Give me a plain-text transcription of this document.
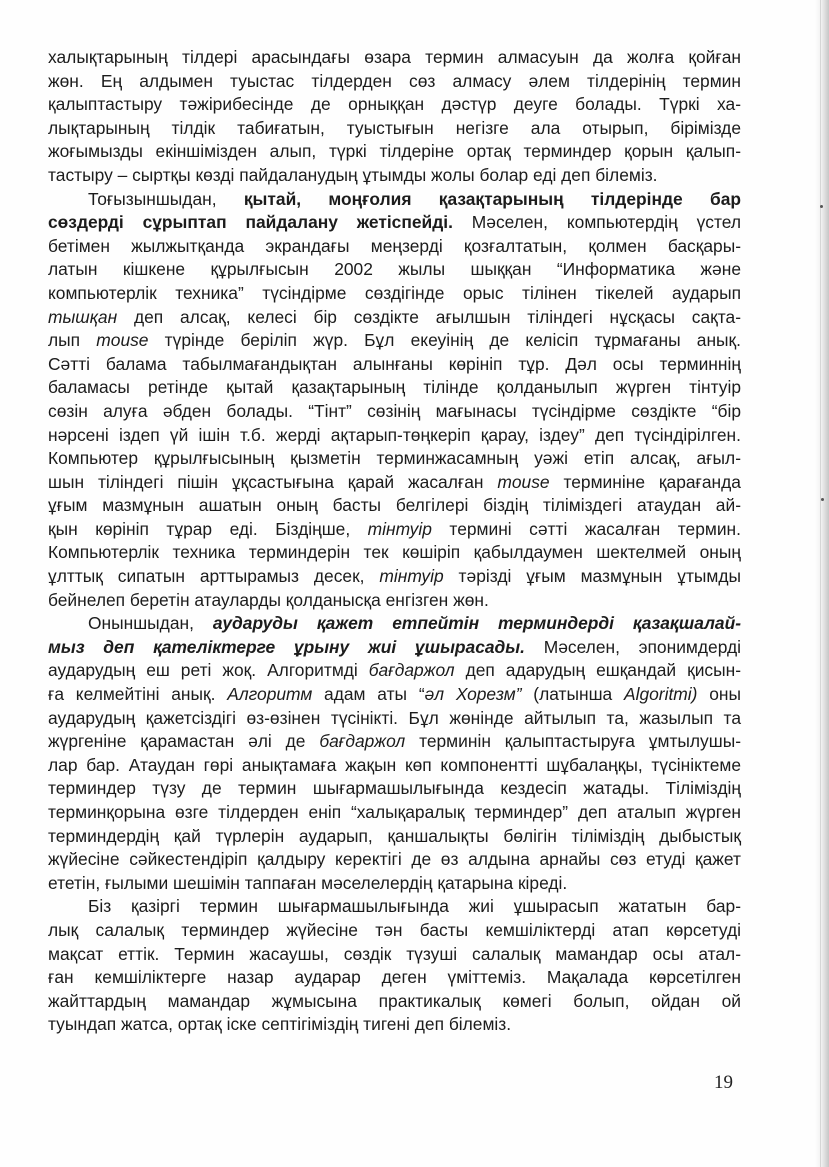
халықтарының тілдері арасындағы өзара термин алмасуын да жолға қойған
жөн. Ең алдымен туыстас тілдерден сөз алмасу әлем тілдерінің термин
қалыптастыру тәжірибесінде де орныққан дәстүр деуге болады. Түркі ха-
лықтарының тілдік табиғатын, туыстығын негізге ала отырып, бірімізде
жоғымызды екіншімізден алып, түркі тілдеріне ортақ терминдер қорын қалып-
тастыру – сыртқы көзді пайдаланудың ұтымды жолы болар еді деп білеміз.
Тоғызыншыдан, қытай, моңғолия қазақтарының тілдерінде бар
сөздерді сұрыптап пайдалану жетіспейді. Мәселен, компьютердің үстел
бетімен жылжытқанда экрандағы меңзерді қозғалтатын, қолмен басқары-
латын кішкене құрылғысын 2002 жылы шыққан “Информатика және
компьютерлік техника” түсіндірме сөздігінде орыс тілінен тікелей аударып
тышқан деп алсақ, келесі бір сөздікте ағылшын тіліндегі нұсқасы сақта-
лып mouse түрінде беріліп жүр. Бұл екеуінің де келісіп тұрмағаны анық.
Сәтті балама табылмағандықтан алынғаны көрініп тұр. Дәл осы терминнің
баламасы ретінде қытай қазақтарының тілінде қолданылып жүрген тінтуір
сөзін алуға әбден болады. “Тінт” сөзінің мағынасы түсіндірме сөздікте “бір
нәрсені іздеп үй ішін т.б. жерді ақтарып-төңкеріп қарау, іздеу” деп түсіндірілген.
Компьютер құрылғысының қызметін терминжасамның уәжі етіп алсақ, ағыл-
шын тіліндегі пішін ұқсастығына қарай жасалған mouse терминіне қарағанда
ұғым мазмұнын ашатын оның басты белгілері біздің тіліміздегі атаудан ай-
қын көрініп тұрар еді. Біздіңше, тінтуір термині сәтті жасалған термин.
Компьютерлік техника терминдерін тек көшіріп қабылдаумен шектелмей оның
ұлттық сипатын арттырамыз десек, тінтуір тәрізді ұғым мазмұнын ұтымды
бейнелеп беретін атауларды қолданысқа енгізген жөн.
Оныншыдан, аударуды қажет етпейтін терминдерді қазақшалай-
мыз деп қателіктерге ұрыну жиі ұшырасады. Мәселен, эпонимдерді
аударудың еш реті жоқ. Алгоритмді бағдаржол деп адарудың ешқандай қисын-
ға келмейтіні анық. Алгоритм адам аты “әл Хорезм” (латынша Algoritmi) оны
аударудың қажетсіздігі өз-өзінен түсінікті. Бұл жөнінде айтылып та, жазылып та
жүргеніне қарамастан әлі де бағдаржол терминін қалыптастыруға ұмтылушы-
лар бар. Атаудан гөрі анықтамаға жақын көп компонентті шұбалаңқы, түсініктеме
терминдер түзу де термин шығармашылығында кездесіп жатады. Тіліміздің
терминқорына өзге тілдерден еніп “халықаралық терминдер” деп аталып жүрген
терминдердің қай түрлерін аударып, қаншалықты бөлігін тіліміздің дыбыстық
жүйесіне сәйкестендіріп қалдыру керектігі де өз алдына арнайы сөз етуді қажет
ететін, ғылыми шешімін таппаған мәселелердің қатарына кіреді.
Біз қазіргі термин шығармашылығында жиі ұшырасып жататын бар-
лық салалық терминдер жүйесіне тән басты кемшіліктерді атап көрсетуді
мақсат еттік. Термин жасаушы, сөздік түзуші салалық мамандар осы атал-
ған кемшіліктерге назар аударар деген үміттеміз. Мақалада көрсетілген
жайттардың мамандар жұмысына практикалық көмегі болып, ойдан ой
туындап жатса, ортақ іске септігіміздің тигені деп білеміз.
19
